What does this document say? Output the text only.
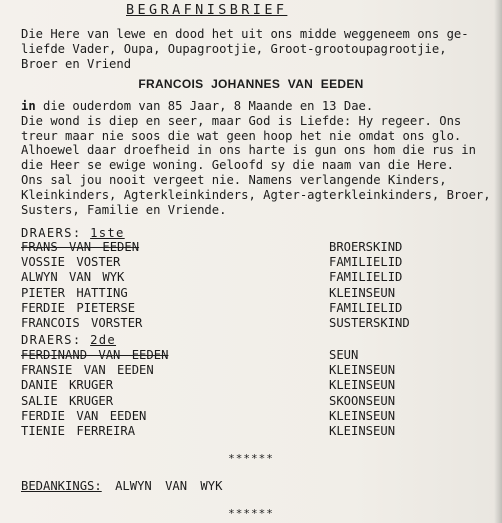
BEGRAFNISBRIEF
Die Here van lewe en dood het uit ons midde weggeneem ons ge-
liefde Vader, Oupa, Oupagrootjie, Groot-grootoupagrootjie,
Broer en Vriend
FRANCOIS JOHANNES VAN EEDEN
in die ouderdom van 85 Jaar, 8 Maande en 13 Dae.
Die wond is diep en seer, maar God is Liefde: Hy regeer. Ons
treur maar nie soos die wat geen hoop het nie omdat ons glo.
Alhoewel daar droefheid in ons harte is gun ons hom die rus in
die Heer se ewige woning. Geloofd sy die naam van die Here.
Ons sal jou nooit vergeet nie. Namens verlangende Kinders,
Kleinkinders, Agterkleinkinders, Agter-agterkleinkinders, Broer,
Susters, Familie en Vriende.
DRAERS: 1ste
FRANS VAN EEDEN	BROERSKIND
VOSSIE VOSTER	FAMILIELID
ALWYN VAN WYK	FAMILIELID
PIETER HATTING	KLEINSEUN
FERDIE PIETERSE	FAMILIELID
FRANCOIS VORSTER	SUSTERSKIND
DRAERS: 2de
FERDINAND VAN EEDEN	SEUN
FRANSIE VAN EEDEN	KLEINSEUN
DANIE KRUGER	KLEINSEUN
SALIE KRUGER	SKOONSEUN
FERDIE VAN EEDEN	KLEINSEUN
TIENIE FERREIRA	KLEINSEUN
******
BEDANKINGS: ALWYN VAN WYK
******
